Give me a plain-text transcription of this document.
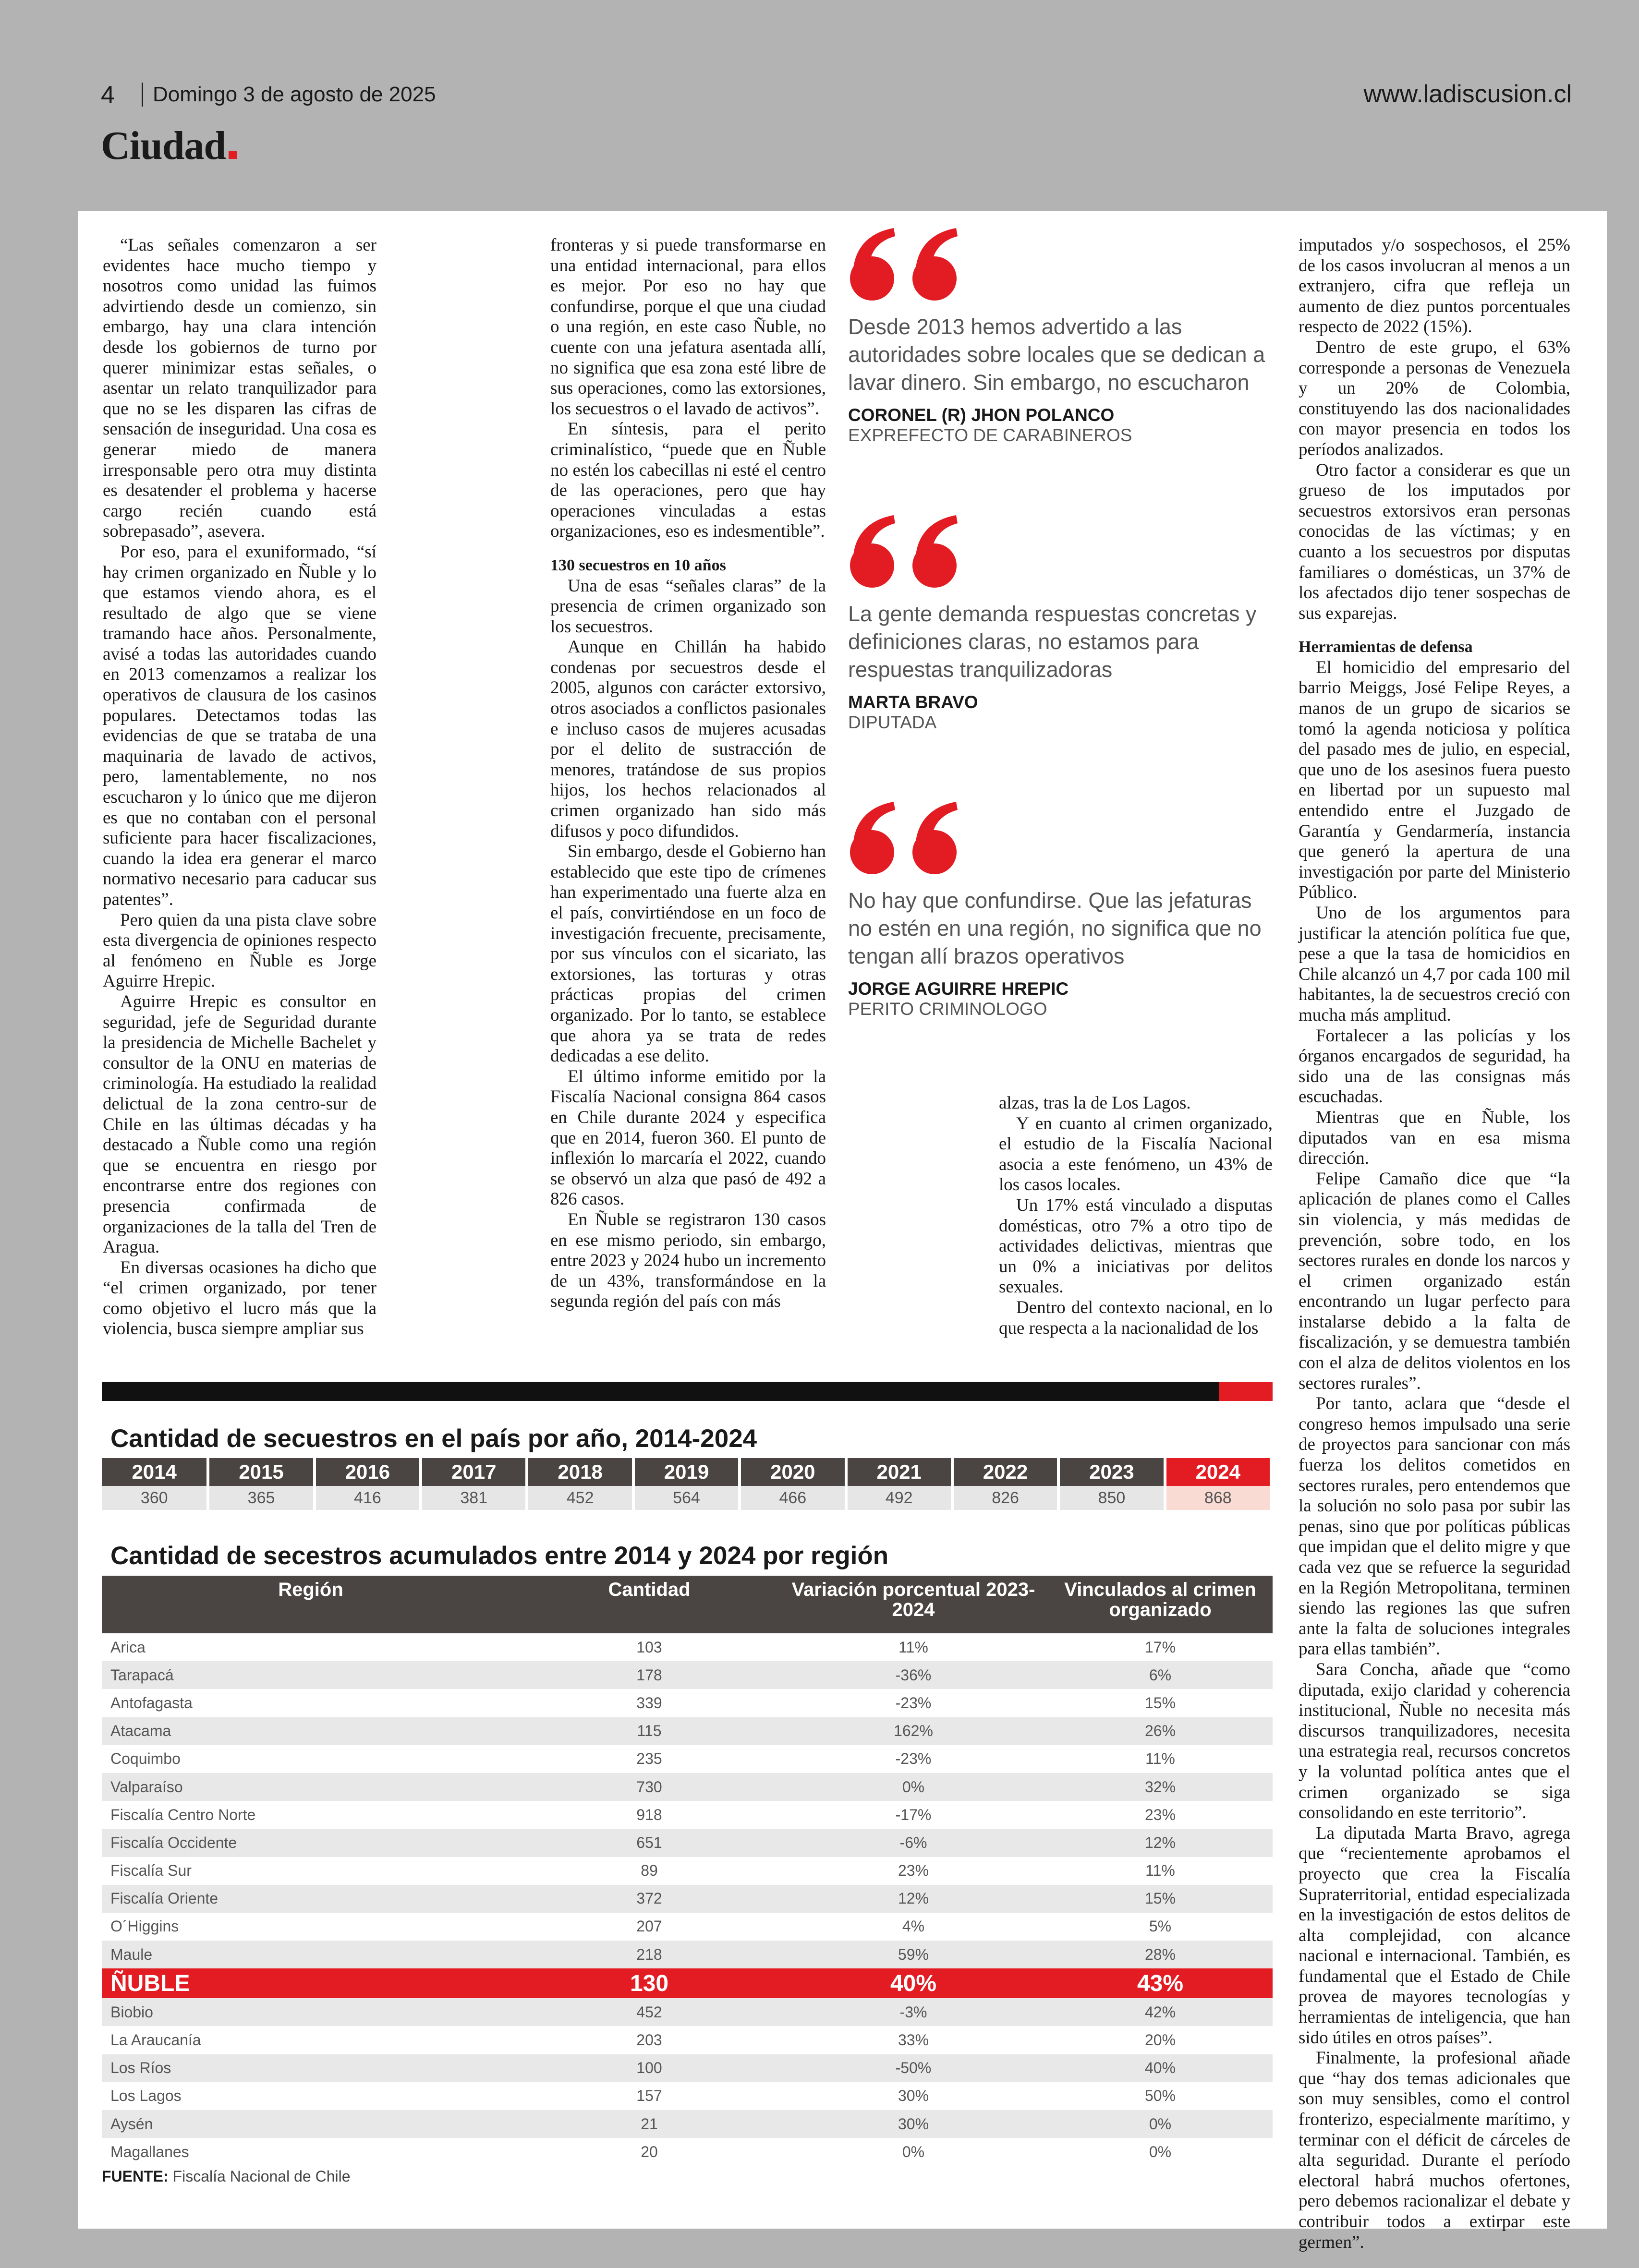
4 Domingo 3 de agosto de 2025	www.ladiscusion.cl
Ciudad

“Las señales comenzaron a ser evidentes hace mucho tiempo y nosotros como unidad las fuimos advirtiendo desde un comienzo, sin embargo, hay una clara intención desde los gobiernos de turno por querer minimizar estas señales, o asentar un relato tranquilizador para que no se les disparen las cifras de sensación de inseguridad. Una cosa es generar miedo de manera irresponsable pero otra muy distinta es desatender el problema y hacerse cargo recién cuando está sobrepasado”, asevera.

Por eso, para el exuniformado, “sí hay crimen organizado en Ñuble y lo que estamos viendo ahora, es el resultado de algo que se viene tramando hace años. Personalmente, avisé a todas las autoridades cuando en 2013 comenzamos a realizar los operativos de clausura de los casinos populares. Detectamos todas las evidencias de que se trataba de una maquinaria de lavado de activos, pero, lamentablemente, no nos escucharon y lo único que me dijeron es que no contaban con el personal suficiente para hacer fiscalizaciones, cuando la idea era generar el marco normativo necesario para caducar sus patentes”.

Pero quien da una pista clave sobre esta divergencia de opiniones respecto al fenómeno en Ñuble es Jorge Aguirre Hrepic.

Aguirre Hrepic es consultor en seguridad, jefe de Seguridad durante la presidencia de Michelle Bachelet y consultor de la ONU en materias de criminología. Ha estudiado la realidad delictual de la zona centro-sur de Chile en las últimas décadas y ha destacado a Ñuble como una región que se encuentra en riesgo por encontrarse entre dos regiones con presencia confirmada de organizaciones de la talla del Tren de Aragua.

En diversas ocasiones ha dicho que “el crimen organizado, por tener como objetivo el lucro más que la violencia, busca siempre ampliar sus

fronteras y si puede transformarse en una entidad internacional, para ellos es mejor. Por eso no hay que confundirse, porque el que una ciudad o una región, en este caso Ñuble, no cuente con una jefatura asentada allí, no significa que esa zona esté libre de sus operaciones, como las extorsiones, los secuestros o el lavado de activos”.

En síntesis, para el perito criminalístico, “puede que en Ñuble no estén los cabecillas ni esté el centro de las operaciones, pero que hay operaciones vinculadas a estas organizaciones, eso es indesmentible”.

130 secuestros en 10 años

Una de esas “señales claras” de la presencia de crimen organizado son los secuestros.

Aunque en Chillán ha habido condenas por secuestros desde el 2005, algunos con carácter extorsivo, otros asociados a conflictos pasionales e incluso casos de mujeres acusadas por el delito de sustracción de menores, tratándose de sus propios hijos, los hechos relacionados al crimen organizado han sido más difusos y poco difundidos.

Sin embargo, desde el Gobierno han establecido que este tipo de crímenes han experimentado una fuerte alza en el país, convirtiéndose en un foco de investigación frecuente, precisamente, por sus vínculos con el sicariato, las extorsiones, las torturas y otras prácticas propias del crimen organizado. Por lo tanto, se establece que ahora ya se trata de redes dedicadas a ese delito.

El último informe emitido por la Fiscalía Nacional consigna 864 casos en Chile durante 2024 y especifica que en 2014, fueron 360. El punto de inflexión lo marcaría el 2022, cuando se observó un alza que pasó de 492 a 826 casos.

En Ñuble se registraron 130 casos en ese mismo periodo, sin embargo, entre 2023 y 2024 hubo un incremento de un 43%, transformándose en la segunda región del país con más

Desde 2013 hemos advertido a las autoridades sobre locales que se dedican a lavar dinero. Sin embargo, no escucharon
CORONEL (R) JHON POLANCO
EXPREFECTO DE CARABINEROS
La gente demanda respuestas concretas y definiciones claras, no estamos para respuestas tranquilizadoras
MARTA BRAVO
DIPUTADA
No hay que confundirse. Que las jefaturas no estén en una región, no significa que no tengan allí brazos operativos
JORGE AGUIRRE HREPIC
PERITO CRIMINOLOGO

alzas, tras la de Los Lagos.

Y en cuanto al crimen organizado, el estudio de la Fiscalía Nacional asocia a este fenómeno, un 43% de los casos locales.

Un 17% está vinculado a disputas domésticas, otro 7% a otro tipo de actividades delictivas, mientras que un 0% a iniciativas por delitos sexuales.

Dentro del contexto nacional, en lo que respecta a la nacionalidad de los

imputados y/o sospechosos, el 25% de los casos involucran al menos a un extranjero, cifra que refleja un aumento de diez puntos porcentuales respecto de 2022 (15%).

Dentro de este grupo, el 63% corresponde a personas de Venezuela y un 20% de Colombia, constituyendo las dos nacionalidades con mayor presencia en todos los períodos analizados.

Otro factor a considerar es que un grueso de los imputados por secuestros extorsivos eran personas conocidas de las víctimas; y en cuanto a los secuestros por disputas familiares o domésticas, un 37% de los afectados dijo tener sospechas de sus exparejas.

Herramientas de defensa

El homicidio del empresario del barrio Meiggs, José Felipe Reyes, a manos de un grupo de sicarios se tomó la agenda noticiosa y política del pasado mes de julio, en especial, que uno de los asesinos fuera puesto en libertad por un supuesto mal entendido entre el Juzgado de Garantía y Gendarmería, instancia que generó la apertura de una investigación por parte del Ministerio Público.

Uno de los argumentos para justificar la atención política fue que, pese a que la tasa de homicidios en Chile alcanzó un 4,7 por cada 100 mil habitantes, la de secuestros creció con mucha más amplitud.

Fortalecer a las policías y los órganos encargados de seguridad, ha sido una de las consignas más escuchadas.

Mientras que en Ñuble, los diputados van en esa misma dirección.

Felipe Camaño dice que “la aplicación de planes como el Calles sin violencia, y más medidas de prevención, sobre todo, en los sectores rurales en donde los narcos y el crimen organizado están encontrando un lugar perfecto para instalarse debido a la falta de fiscalización, y se demuestra también con el alza de delitos violentos en los sectores rurales”.

Por tanto, aclara que “desde el congreso hemos impulsado una serie de proyectos para sancionar con más fuerza los delitos cometidos en sectores rurales, pero entendemos que la solución no solo pasa por subir las penas, sino que por políticas públicas que impidan que el delito migre y que cada vez que se refuerce la seguridad en la Región Metropolitana, terminen siendo las regiones las que sufren ante la falta de soluciones integrales para ellas también”.

Sara Concha, añade que “como diputada, exijo claridad y coherencia institucional, Ñuble no necesita más discursos tranquilizadores, necesita una estrategia real, recursos concretos y la voluntad política antes que el crimen organizado se siga consolidando en este territorio”.

La diputada Marta Bravo, agrega que “recientemente aprobamos el proyecto que crea la Fiscalía Supraterritorial, entidad especializada en la investigación de estos delitos de alta complejidad, con alcance nacional e internacional. También, es fundamental que el Estado de Chile provea de mayores tecnologías y herramientas de inteligencia, que han sido útiles en otros países”.

Finalmente, la profesional añade que “hay dos temas adicionales que son muy sensibles, como el control fronterizo, especialmente marítimo, y terminar con el déficit de cárceles de alta seguridad. Durante el período electoral habrá muchos ofertones, pero debemos racionalizar el debate y contribuir todos a extirpar este germen”.

Cantidad de secuestros en el país por año, 2014-2024
2014	2015	2016	2017	2018	2019	2020	2021	2022	2023	2024
360	365	416	381	452	564	466	492	826	850	868
Cantidad de secestros acumulados entre 2014 y 2024 por región
Región	Cantidad	Variación porcentual 2023-2024	Vinculados al crimen organizado
Arica	103	11%	17%
Tarapacá	178	-36%	6%
Antofagasta	339	-23%	15%
Atacama	115	162%	26%
Coquimbo	235	-23%	11%
Valparaíso	730	0%	32%
Fiscalía Centro Norte	918	-17%	23%
Fiscalía Occidente	651	-6%	12%
Fiscalía Sur	89	23%	11%
Fiscalía Oriente	372	12%	15%
O´Higgins	207	4%	5%
Maule	218	59%	28%
ÑUBLE	130	40%	43%
Biobio	452	-3%	42%
La Araucanía	203	33%	20%
Los Ríos	100	-50%	40%
Los Lagos	157	30%	50%
Aysén	21	30%	0%
Magallanes	20	0%	0%
FUENTE: Fiscalía Nacional de Chile
